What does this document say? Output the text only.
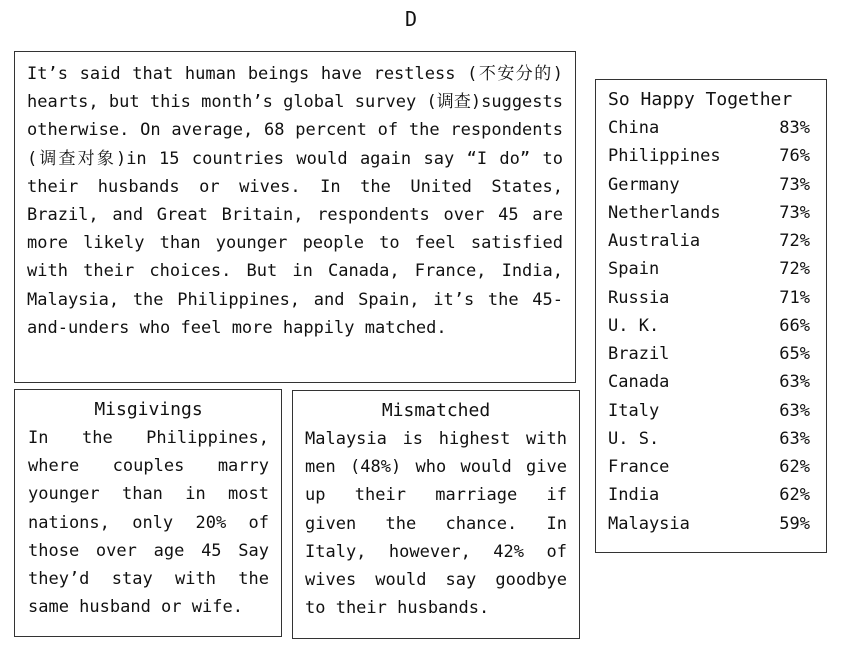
D

It’s said that human beings have restless (不安分的) hearts, but this month’s global survey (调查)suggests otherwise. On average, 68 percent of the respondents (调查对象)in 15 countries would again say “I do” to their husbands or wives. In the United States, Brazil, and Great Britain, respondents over 45 are more likely than younger people to feel satisfied with their choices. But in Canada, France, India, Malaysia, the Philippines, and Spain, it’s the 45-and-unders who feel more happily matched.

Misgivings

In the Philippines, where couples marry younger than in most nations, only 20% of those over age 45 Say they’d stay with the same husband or wife.

Mismatched

Malaysia is highest with men (48%) who would give up their marriage if given the chance. In Italy, however, 42% of wives would say goodbye to their husbands.

So Happy Together

China	83%
Philippines	76%
Germany	73%
Netherlands	73%
Australia	72%
Spain	72%
Russia	71%
U. K.	66%
Brazil	65%
Canada	63%
Italy	63%
U. S.	63%
France	62%
India	62%
Malaysia	59%
